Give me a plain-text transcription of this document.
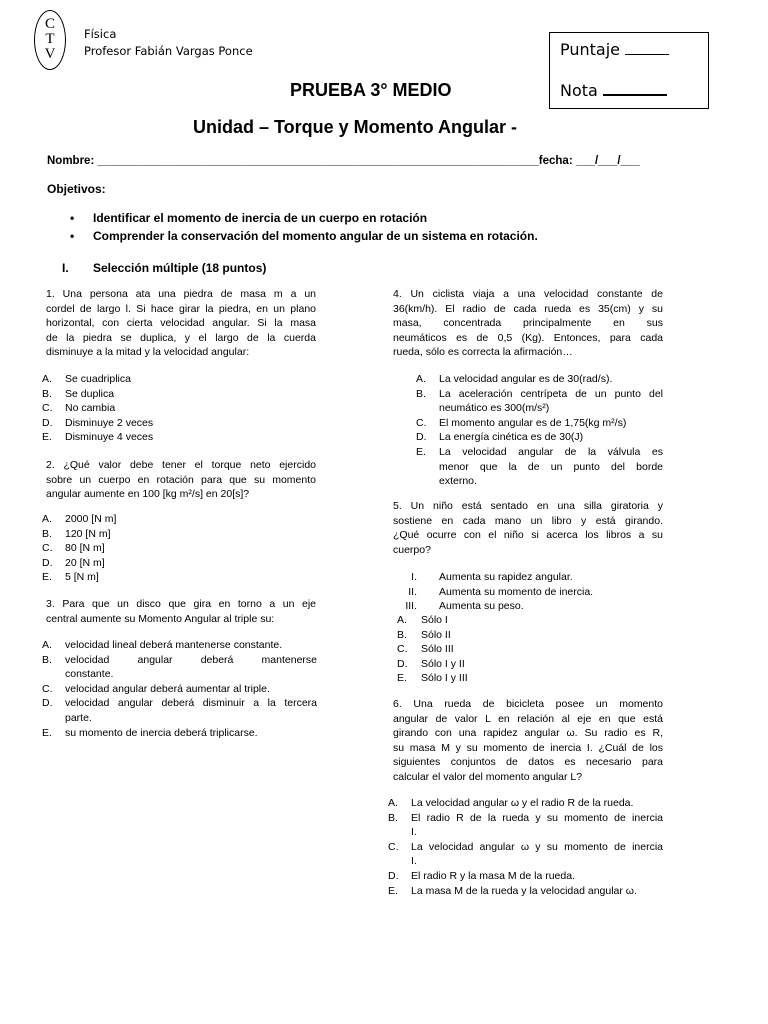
C
T
V
Física
Profesor Fabián Vargas Ponce	Puntaje
Nota
PRUEBA 3° MEDIO
Unidad – Torque y Momento Angular -
Nombre: _____________________________________________________________________fecha: ___/___/___
Objetivos:
• Identificar el momento de inercia de un cuerpo en rotación
• Comprender la conservación del momento angular de un sistema en rotación.
I. Selección múltiple (18 puntos)
1. Una persona ata una piedra de masa m a un
cordel de largo l. Si hace girar la piedra, en un plano
horizontal, con cierta velocidad angular. Si la masa
de la piedra se duplica, y el largo de la cuerda
disminuye a la mitad y la velocidad angular:
A. Se cuadriplica
B. Se duplica
C. No cambia
D. Disminuye 2 veces
E. Disminuye 4 veces
2. ¿Qué valor debe tener el torque neto ejercido
sobre un cuerpo en rotación para que su momento
angular aumente en 100 [kg m²/s] en 20[s]?
A. 2000 [N m]
B. 120 [N m]
C. 80 [N m]
D. 20 [N m]
E. 5 [N m]
3. Para que un disco que gira en torno a un eje
central aumente su Momento Angular al triple su:
A. velocidad lineal deberá mantenerse constante.
B. velocidad angular deberá mantenerse
constante.
C. velocidad angular deberá aumentar al triple.
D. velocidad angular deberá disminuir a la tercera
parte.
E. su momento de inercia deberá triplicarse.
4. Un ciclista viaja a una velocidad constante de
36(km/h). El radio de cada rueda es 35(cm) y su
masa, concentrada principalmente en sus
neumáticos es de 0,5 (Kg). Entonces, para cada
rueda, sólo es correcta la afirmación…
A. La velocidad angular es de 30(rad/s).
B. La aceleración centrípeta de un punto del
neumático es 300(m/s²)
C. El momento angular es de 1,75(kg m²/s)
D. La energía cinética es de 30(J)
E. La velocidad angular de la válvula es
menor que la de un punto del borde
externo.
5. Un niño está sentado en una silla giratoria y
sostiene en cada mano un libro y está girando.
¿Qué ocurre con el niño si acerca los libros a su
cuerpo?
I. Aumenta su rapidez angular.
II. Aumenta su momento de inercia.
III. Aumenta su peso.
A. Sólo I
B. Sólo II
C. Sólo III
D. Sólo I y II
E. Sólo I y III
6. Una rueda de bicicleta posee un momento
angular de valor L en relación al eje en que está
girando con una rapidez angular ω. Su radio es R,
su masa M y su momento de inercia I. ¿Cuál de los
siguientes conjuntos de datos es necesario para
calcular el valor del momento angular L?
A. La velocidad angular ω y el radio R de la rueda.
B. El radio R de la rueda y su momento de inercia
I.
C. La velocidad angular ω y su momento de inercia
I.
D. El radio R y la masa M de la rueda.
E. La masa M de la rueda y la velocidad angular ω.
